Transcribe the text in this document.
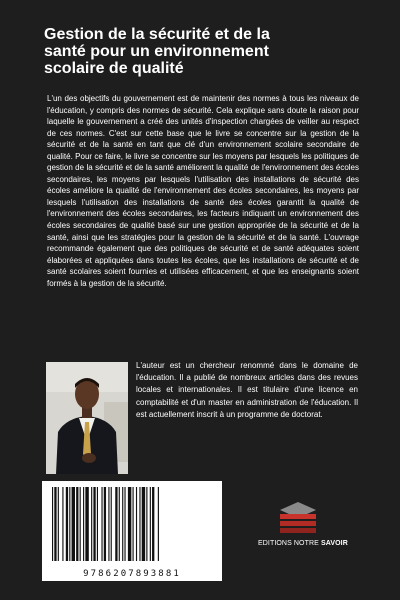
Gestion de la sécurité et de la
santé pour un environnement
scolaire de qualité

L'un des objectifs du gouvernement est de maintenir des normes à tous les niveaux de l'éducation, y compris des normes de sécurité. Cela explique sans doute la raison pour laquelle le gouvernement a créé des unités d'inspection chargées de veiller au respect de ces normes. C'est sur cette base que le livre se concentre sur la gestion de la sécurité et de la santé en tant que clé d'un environnement scolaire secondaire de qualité. Pour ce faire, le livre se concentre sur les moyens par lesquels les politiques de gestion de la sécurité et de la santé améliorent la qualité de l'environnement des écoles secondaires, les moyens par lesquels l'utilisation des installations de sécurité des écoles améliore la qualité de l'environnement des écoles secondaires, les moyens par lesquels l'utilisation des installations de santé des écoles garantit la qualité de l'environnement des écoles secondaires, les facteurs indiquant un environnement des écoles secondaires de qualité basé sur une gestion appropriée de la sécurité et de la santé, ainsi que les stratégies pour la gestion de la sécurité et de la santé. L'ouvrage recommande également que des politiques de sécurité et de santé adéquates soient élaborées et appliquées dans toutes les écoles, que les installations de sécurité et de santé scolaires soient fournies et utilisées efficacement, et que les enseignants soient formés à la gestion de la sécurité.

L'auteur est un chercheur renommé dans le domaine de l'éducation. Il a publié de nombreux articles dans des revues locales et internationales. Il est titulaire d'une licence en comptabilité et d'un master en administration de l'éducation. Il est actuellement inscrit à un programme de doctorat.

9786207893881
EDITIONS NOTRE SAVOIR
